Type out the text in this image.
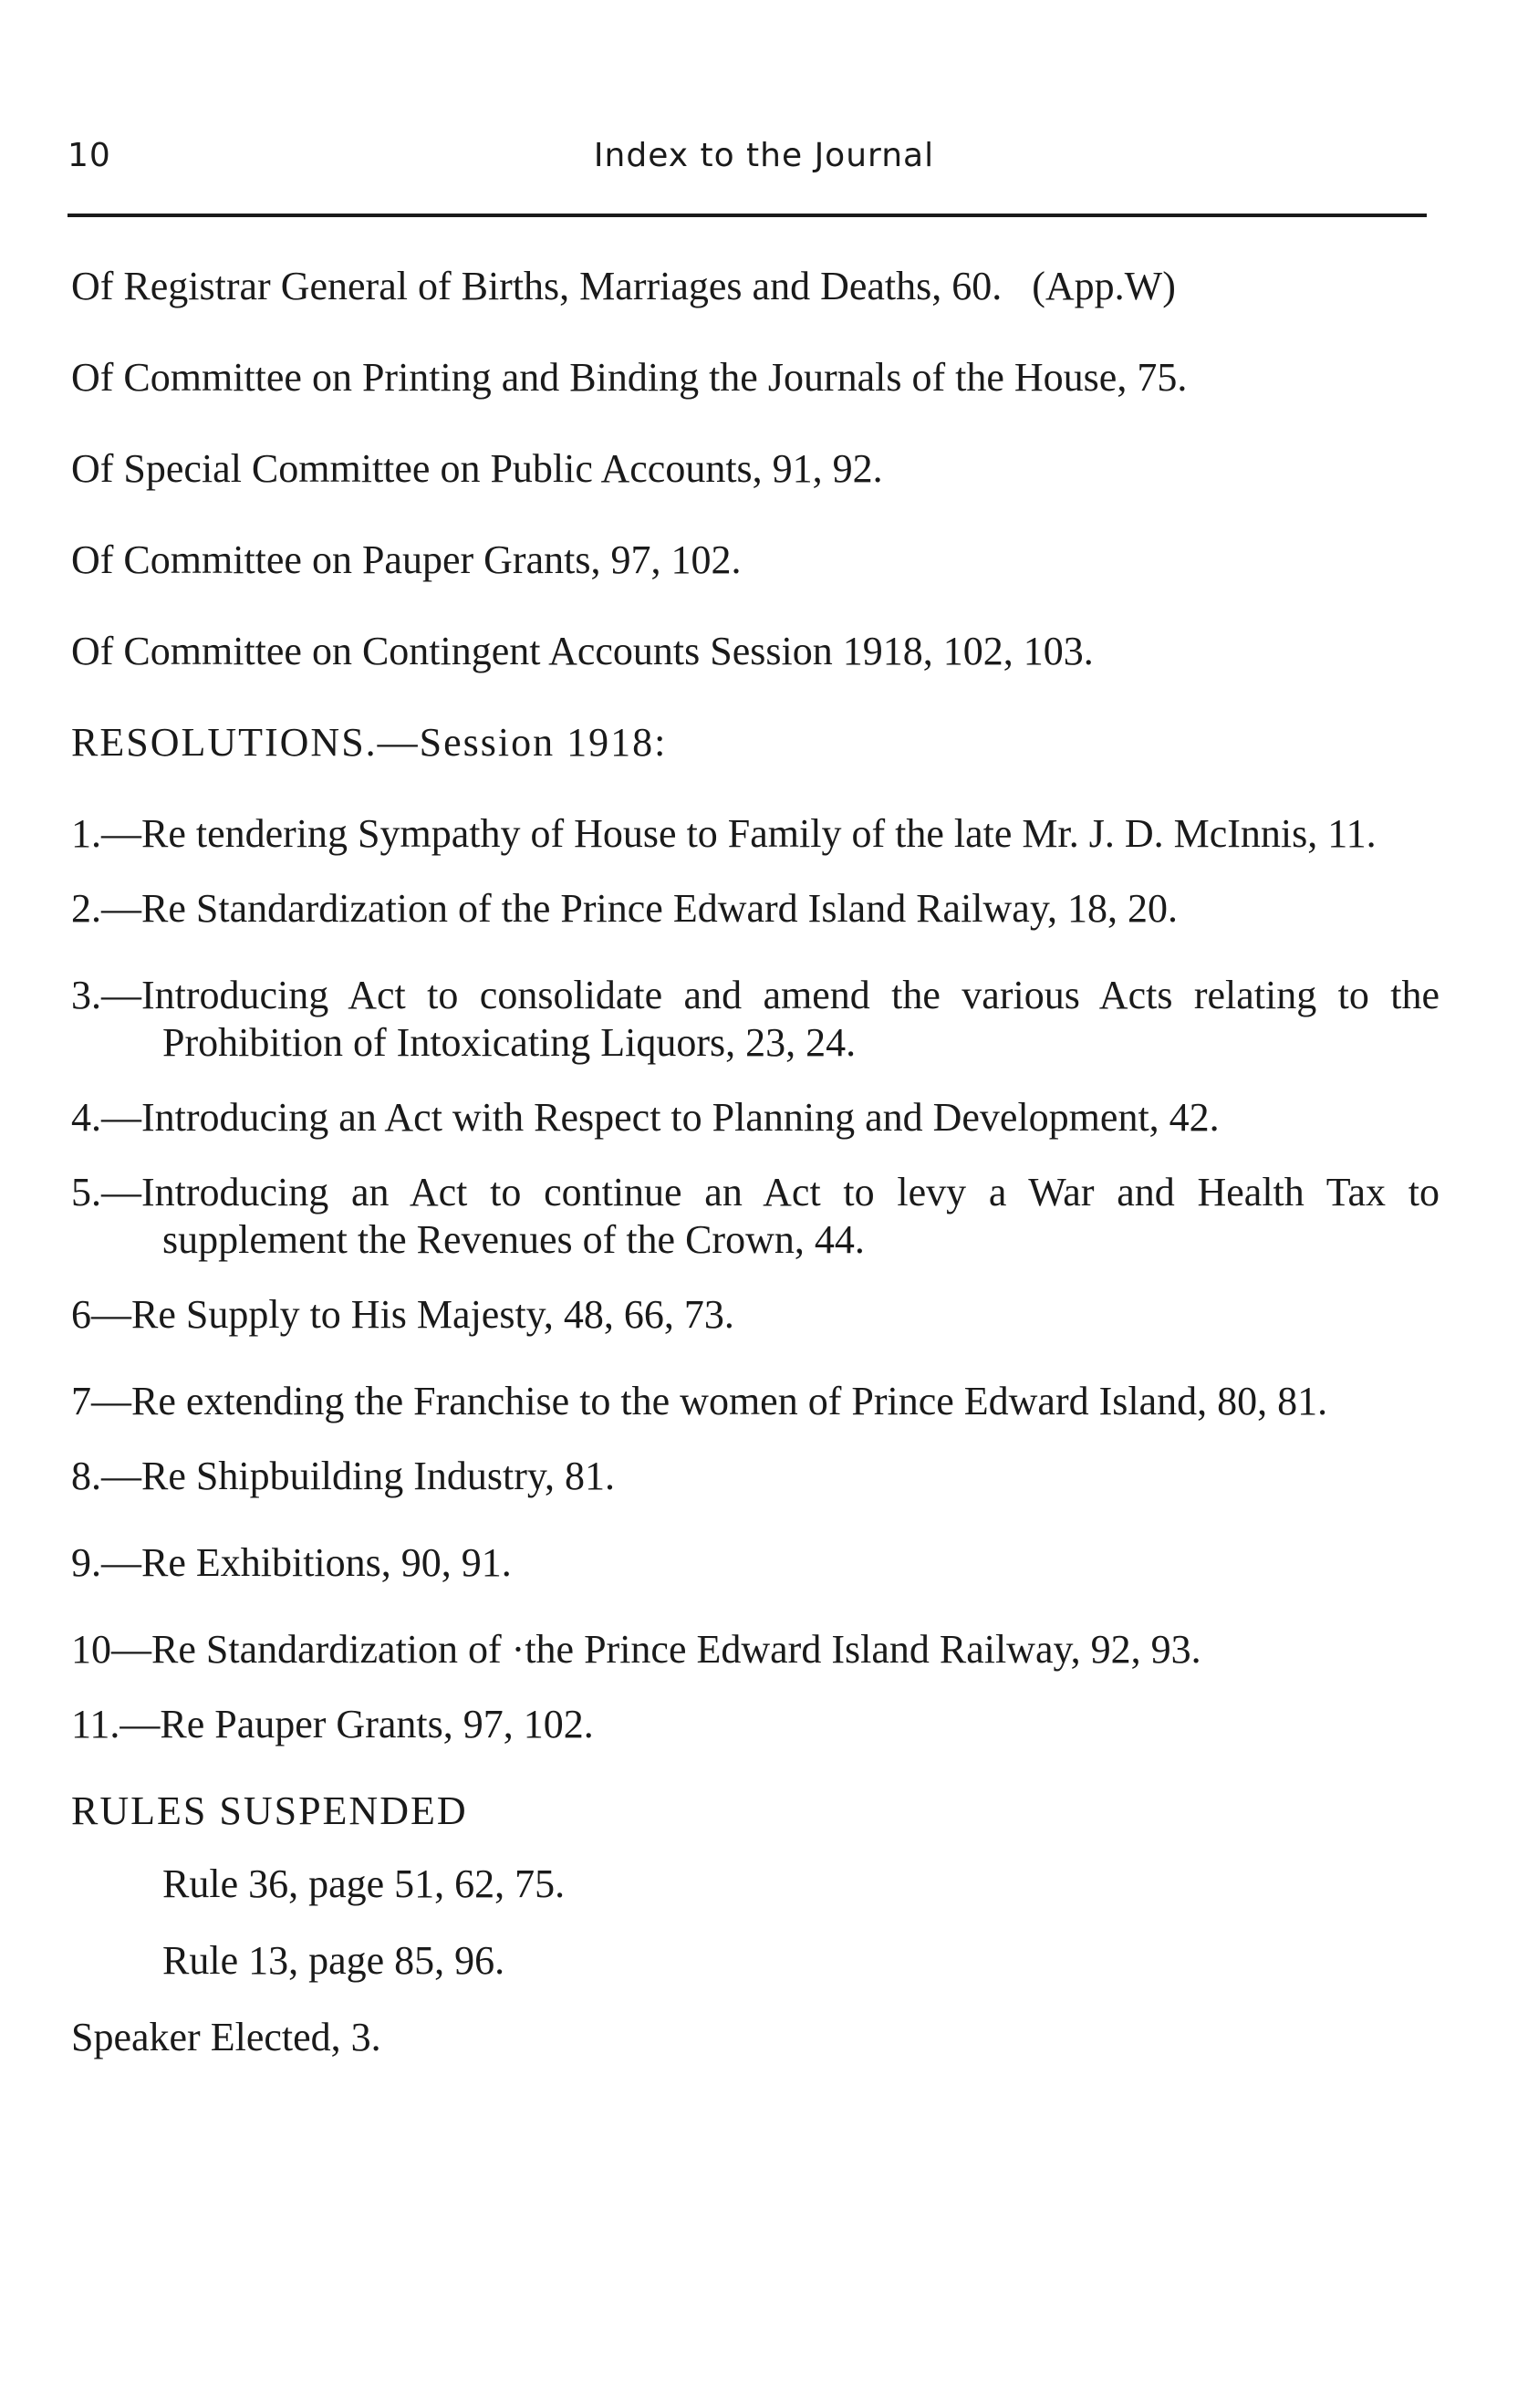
10	Index to the Journal
Of Registrar General of Births, Marriages and Deaths, 60.   (App.W)
Of Committee on Printing and Binding the Journals of the House, 75.
Of Special Committee on Public Accounts, 91, 92.
Of Committee on Pauper Grants, 97, 102.
Of Committee on Contingent Accounts Session 1918, 102, 103.
RESOLUTIONS.—Session 1918:
1.—Re tendering Sympathy of House to Family of the late Mr. J. D. McInnis, 11.
2.—Re Standardization of the Prince Edward Island Railway, 18, 20.
3.—Introducing Act to consolidate and amend the various Acts relating to the Prohibition of Intoxicating Liquors, 23, 24.
4.—Introducing an Act with Respect to Planning and Development, 42.
5.—Introducing an Act to continue an Act to levy a War and Health Tax to supplement the Revenues of the Crown, 44.
6—Re Supply to His Majesty, 48, 66, 73.
7—Re extending the Franchise to the women of Prince Edward Island, 80, 81.
8.—Re Shipbuilding Industry, 81.
9.—Re Exhibitions, 90, 91.
10—Re Standardization of ·the Prince Edward Island Railway, 92, 93.
11.—Re Pauper Grants, 97, 102.
RULES SUSPENDED
Rule 36, page 51, 62, 75.
Rule 13, page 85, 96.
Speaker Elected, 3.
